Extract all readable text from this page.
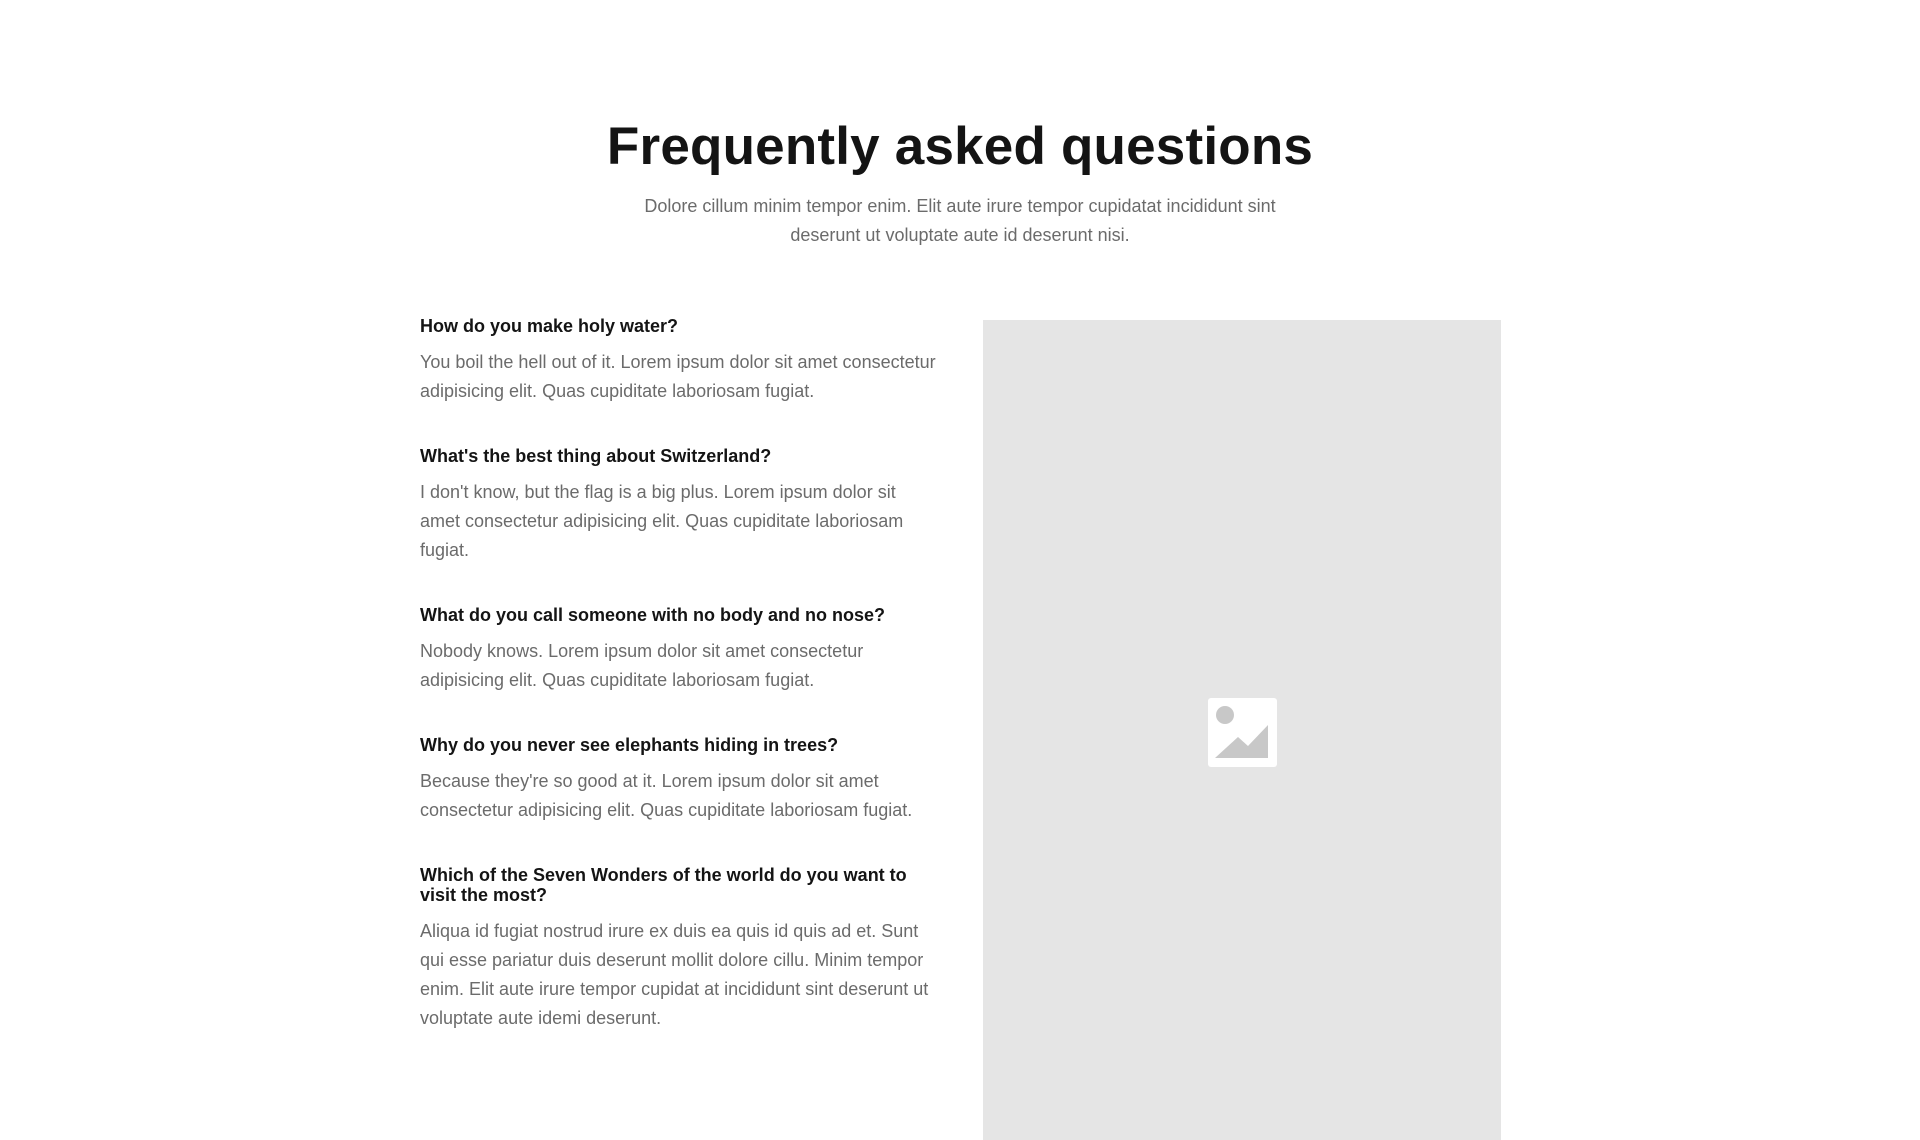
Frequently asked questions

Dolore cillum minim tempor enim. Elit aute irure tempor cupidatat incididunt sint deserunt ut voluptate aute id deserunt nisi.

How do you make holy water?

You boil the hell out of it. Lorem ipsum dolor sit amet consectetur adipisicing elit. Quas cupiditate laboriosam fugiat.

What's the best thing about Switzerland?

I don't know, but the flag is a big plus. Lorem ipsum dolor sit amet consectetur adipisicing elit. Quas cupiditate laboriosam fugiat.

What do you call someone with no body and no nose?

Nobody knows. Lorem ipsum dolor sit amet consectetur adipisicing elit. Quas cupiditate laboriosam fugiat.

Why do you never see elephants hiding in trees?

Because they're so good at it. Lorem ipsum dolor sit amet consectetur adipisicing elit. Quas cupiditate laboriosam fugiat.

Which of the Seven Wonders of the world do you want to visit the most?

Aliqua id fugiat nostrud irure ex duis ea quis id quis ad et. Sunt qui esse pariatur duis deserunt mollit dolore cillu. Minim tempor enim. Elit aute irure tempor cupidat at incididunt sint deserunt ut voluptate aute idemi deserunt.
